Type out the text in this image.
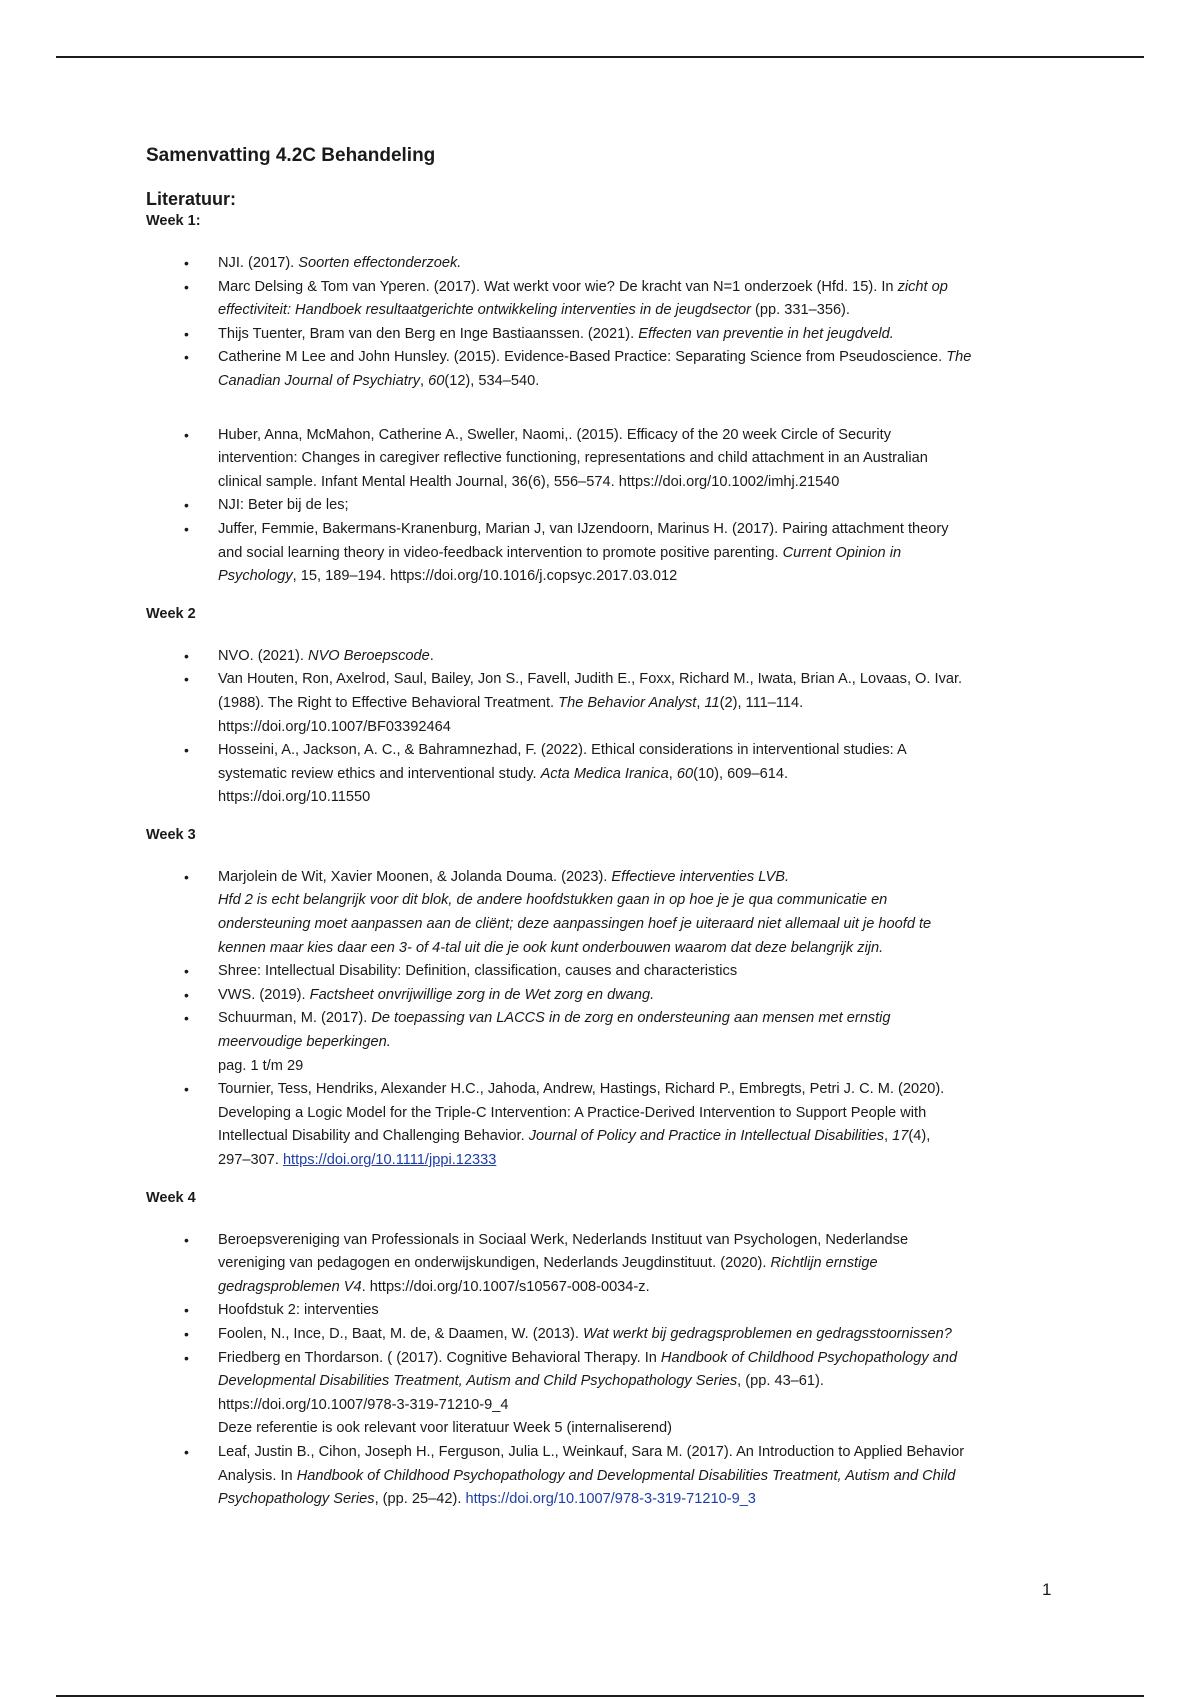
Samenvatting 4.2C Behandeling
Literatuur:
Week 1:
• NJI. (2017). Soorten effectonderzoek.
• Marc Delsing & Tom van Yperen. (2017). Wat werkt voor wie? De kracht van N=1 onderzoek (Hfd. 15). In zicht op
effectiviteit: Handboek resultaatgerichte ontwikkeling interventies in de jeugdsector (pp. 331–356).
• Thijs Tuenter, Bram van den Berg en Inge Bastiaanssen. (2021). Effecten van preventie in het jeugdveld.
• Catherine M Lee and John Hunsley. (2015). Evidence-Based Practice: Separating Science from Pseudoscience. The
Canadian Journal of Psychiatry, 60(12), 534–540.
• Huber, Anna, McMahon, Catherine A., Sweller, Naomi,. (2015). Efficacy of the 20 week Circle of Security
intervention: Changes in caregiver reflective functioning, representations and child attachment in an Australian
clinical sample. Infant Mental Health Journal, 36(6), 556–574. https://doi.org/10.1002/imhj.21540
• NJI: Beter bij de les;
• Juffer, Femmie, Bakermans-Kranenburg, Marian J, van IJzendoorn, Marinus H. (2017). Pairing attachment theory
and social learning theory in video-feedback intervention to promote positive parenting. Current Opinion in
Psychology, 15, 189–194. https://doi.org/10.1016/j.copsyc.2017.03.012
Week 2
• NVO. (2021). NVO Beroepscode.
• Van Houten, Ron, Axelrod, Saul, Bailey, Jon S., Favell, Judith E., Foxx, Richard M., Iwata, Brian A., Lovaas, O. Ivar.
(1988). The Right to Effective Behavioral Treatment. The Behavior Analyst, 11(2), 111–114.
https://doi.org/10.1007/BF03392464
• Hosseini, A., Jackson, A. C., & Bahramnezhad, F. (2022). Ethical considerations in interventional studies: A
systematic review ethics and interventional study. Acta Medica Iranica, 60(10), 609–614.
https://doi.org/10.11550
Week 3
• Marjolein de Wit, Xavier Moonen, & Jolanda Douma. (2023). Effectieve interventies LVB.
Hfd 2 is echt belangrijk voor dit blok, de andere hoofdstukken gaan in op hoe je je qua communicatie en
ondersteuning moet aanpassen aan de cliënt; deze aanpassingen hoef je uiteraard niet allemaal uit je hoofd te
kennen maar kies daar een 3- of 4-tal uit die je ook kunt onderbouwen waarom dat deze belangrijk zijn.
• Shree: Intellectual Disability: Definition, classification, causes and characteristics
• VWS. (2019). Factsheet onvrijwillige zorg in de Wet zorg en dwang.
• Schuurman, M. (2017). De toepassing van LACCS in de zorg en ondersteuning aan mensen met ernstig
meervoudige beperkingen.
pag. 1 t/m 29
• Tournier, Tess, Hendriks, Alexander H.C., Jahoda, Andrew, Hastings, Richard P., Embregts, Petri J. C. M. (2020).
Developing a Logic Model for the Triple-C Intervention: A Practice-Derived Intervention to Support People with
Intellectual Disability and Challenging Behavior. Journal of Policy and Practice in Intellectual Disabilities, 17(4),
297–307. https://doi.org/10.1111/jppi.12333
Week 4
• Beroepsvereniging van Professionals in Sociaal Werk, Nederlands Instituut van Psychologen, Nederlandse
vereniging van pedagogen en onderwijskundigen, Nederlands Jeugdinstituut. (2020). Richtlijn ernstige
gedragsproblemen V4. https://doi.org/10.1007/s10567-008-0034-z.
• Hoofdstuk 2: interventies
• Foolen, N., Ince, D., Baat, M. de, & Daamen, W. (2013). Wat werkt bij gedragsproblemen en gedragsstoornissen?
• Friedberg en Thordarson. ( (2017). Cognitive Behavioral Therapy. In Handbook of Childhood Psychopathology and
Developmental Disabilities Treatment, Autism and Child Psychopathology Series, (pp. 43–61).
https://doi.org/10.1007/978-3-319-71210-9_4
Deze referentie is ook relevant voor literatuur Week 5 (internaliserend)
• Leaf, Justin B., Cihon, Joseph H., Ferguson, Julia L., Weinkauf, Sara M. (2017). An Introduction to Applied Behavior
Analysis. In Handbook of Childhood Psychopathology and Developmental Disabilities Treatment, Autism and Child
Psychopathology Series, (pp. 25–42). https://doi.org/10.1007/978-3-319-71210-9_3
1
